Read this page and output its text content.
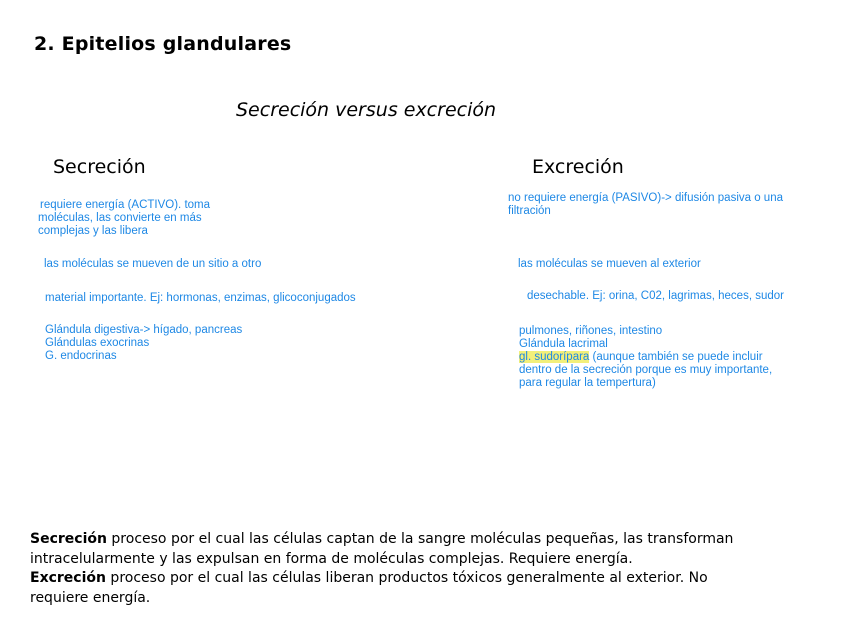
2. Epitelios glandulares
Secreción versus excreción
Secreción	Excreción
requiere energía (ACTIVO). toma
moléculas, las convierte en más
complejas y las libera
las moléculas se mueven de un sitio a otro
material importante. Ej: hormonas, enzimas, glicoconjugados
Glándula digestiva-> hígado, pancreas
Glándulas exocrinas
G. endocrinas
no requiere energía (PASIVO)-> difusión pasiva o una
filtración
las moléculas se mueven al exterior
desechable. Ej: orina, C02, lagrimas, heces, sudor
pulmones, riñones, intestino
Glándula lacrimal
gl. sudorípara (aunque también se puede incluir
dentro de la secreción porque es muy importante,
para regular la tempertura)
Secreción proceso por el cual las células captan de la sangre moléculas pequeñas, las transforman
intracelularmente y las expulsan en forma de moléculas complejas. Requiere energía.
Excreción proceso por el cual las células liberan productos tóxicos generalmente al exterior. No
requiere energía.
